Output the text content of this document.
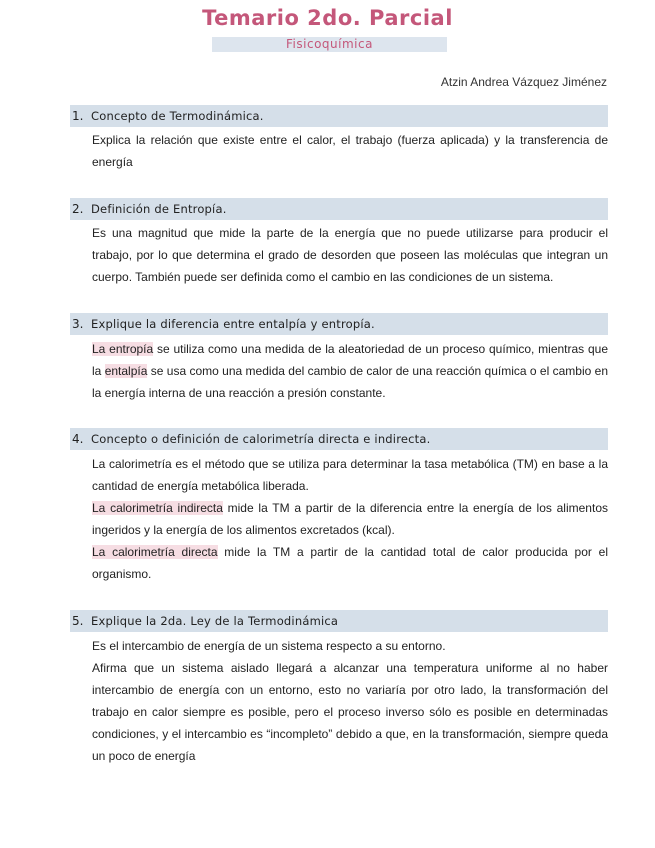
Temario 2do. Parcial
Fisicoquímica
Atzin Andrea Vázquez Jiménez
1. Concepto de Termodinámica.

Explica la relación que existe entre el calor, el trabajo (fuerza aplicada) y la transferencia de energía

2. Definición de Entropía.

Es una magnitud que mide la parte de la energía que no puede utilizarse para producir el trabajo, por lo que determina el grado de desorden que poseen las moléculas que integran un cuerpo. También puede ser definida como el cambio en las condiciones de un sistema.

3. Explique la diferencia entre entalpía y entropía.

La entropía se utiliza como una medida de la aleatoriedad de un proceso químico, mientras que la entalpía se usa como una medida del cambio de calor de una reacción química o el cambio en la energía interna de una reacción a presión constante.

4. Concepto o definición de calorimetría directa e indirecta.

La calorimetría es el método que se utiliza para determinar la tasa metabólica (TM) en base a la cantidad de energía metabólica liberada.

La calorimetría indirecta mide la TM a partir de la diferencia entre la energía de los alimentos ingeridos y la energía de los alimentos excretados (kcal).

La calorimetría directa mide la TM a partir de la cantidad total de calor producida por el organismo.

5. Explique la 2da. Ley de la Termodinámica

Es el intercambio de energía de un sistema respecto a su entorno.

Afirma que un sistema aislado llegará a alcanzar una temperatura uniforme al no haber intercambio de energía con un entorno, esto no variaría por otro lado, la transformación del trabajo en calor siempre es posible, pero el proceso inverso sólo es posible en determinadas condiciones, y el intercambio es “incompleto” debido a que, en la transformación, siempre queda un poco de energía
